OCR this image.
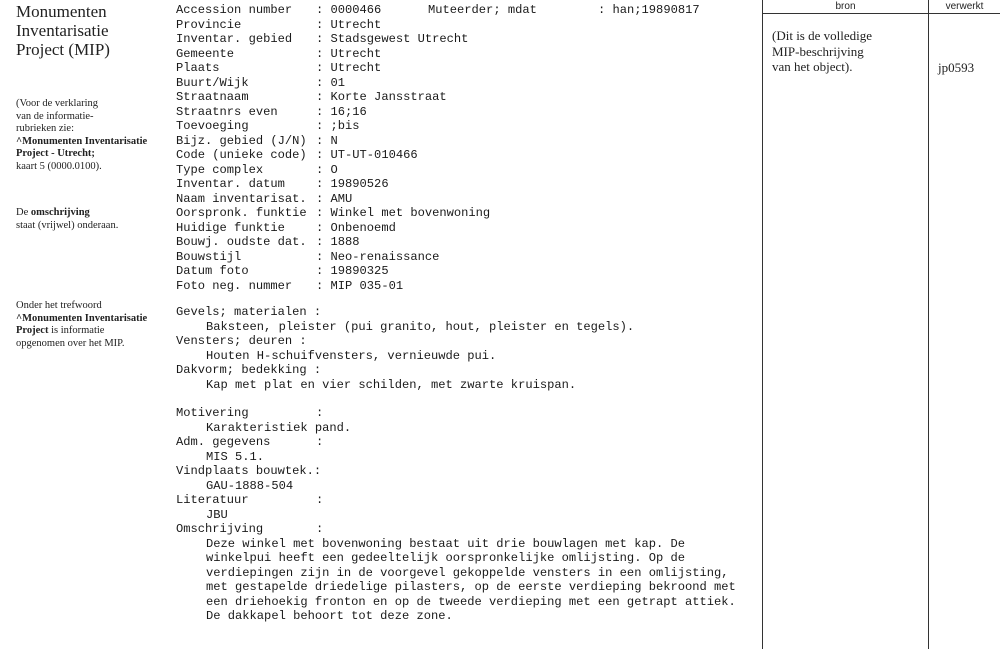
Monumenten
Inventarisatie
Project (MIP)
(Voor de verklaring
van de informatie-
rubrieken zie:
^Monumenten Inventarisatie
Project - Utrecht;
kaart 5 (0000.0100).
De omschrijving
staat (vrijwel) onderaan.
Onder het trefwoord
^Monumenten Inventarisatie
Project is informatie
opgenomen over het MIP.
Accession number	: 0000466
Provincie	: Utrecht
Inventar. gebied	: Stadsgewest Utrecht
Gemeente	: Utrecht
Plaats	: Utrecht
Buurt/Wijk	: 01
Straatnaam	: Korte Jansstraat
Straatnrs even	: 16;16
Toevoeging	: ;bis
Bijz. gebied (J/N) : N
Code (unieke code) : UT-UT-010466
Type complex	: O
Inventar. datum	: 19890526
Naam inventarisat. : AMU
Oorspronk. funktie : Winkel met bovenwoning
Huidige funktie	: Onbenoemd
Bouwj. oudste dat. : 1888
Bouwstijl	: Neo-renaissance
Datum foto	: 19890325
Foto neg. nummer	: MIP 035-01
Muteerder; mdat	: han;19890817
Gevels; materialen :
Baksteen, pleister (pui granito, hout, pleister en tegels).
Vensters; deuren :
Houten H-schuifvensters, vernieuwde pui.
Dakvorm; bedekking :
Kap met plat en vier schilden, met zwarte kruispan.
Motivering	:
Karakteristiek pand.
Adm. gegevens	:
MIS 5.1.
Vindplaats bouwtek.:
GAU-1888-504
Literatuur	:
JBU
Omschrijving	:
Deze winkel met bovenwoning bestaat uit drie bouwlagen met kap. De
winkelpui heeft een gedeeltelijk oorspronkelijke omlijsting. Op de
verdiepingen zijn in de voorgevel gekoppelde vensters in een omlijsting,
met gestapelde driedelige pilasters, op de eerste verdieping bekroond met
een driehoekig fronton en op de tweede verdieping met een getrapt attiek.
De dakkapel behoort tot deze zone.
bron	verwerkt
(Dit is de volledige
MIP-beschrijving
van het object).	jp0593
